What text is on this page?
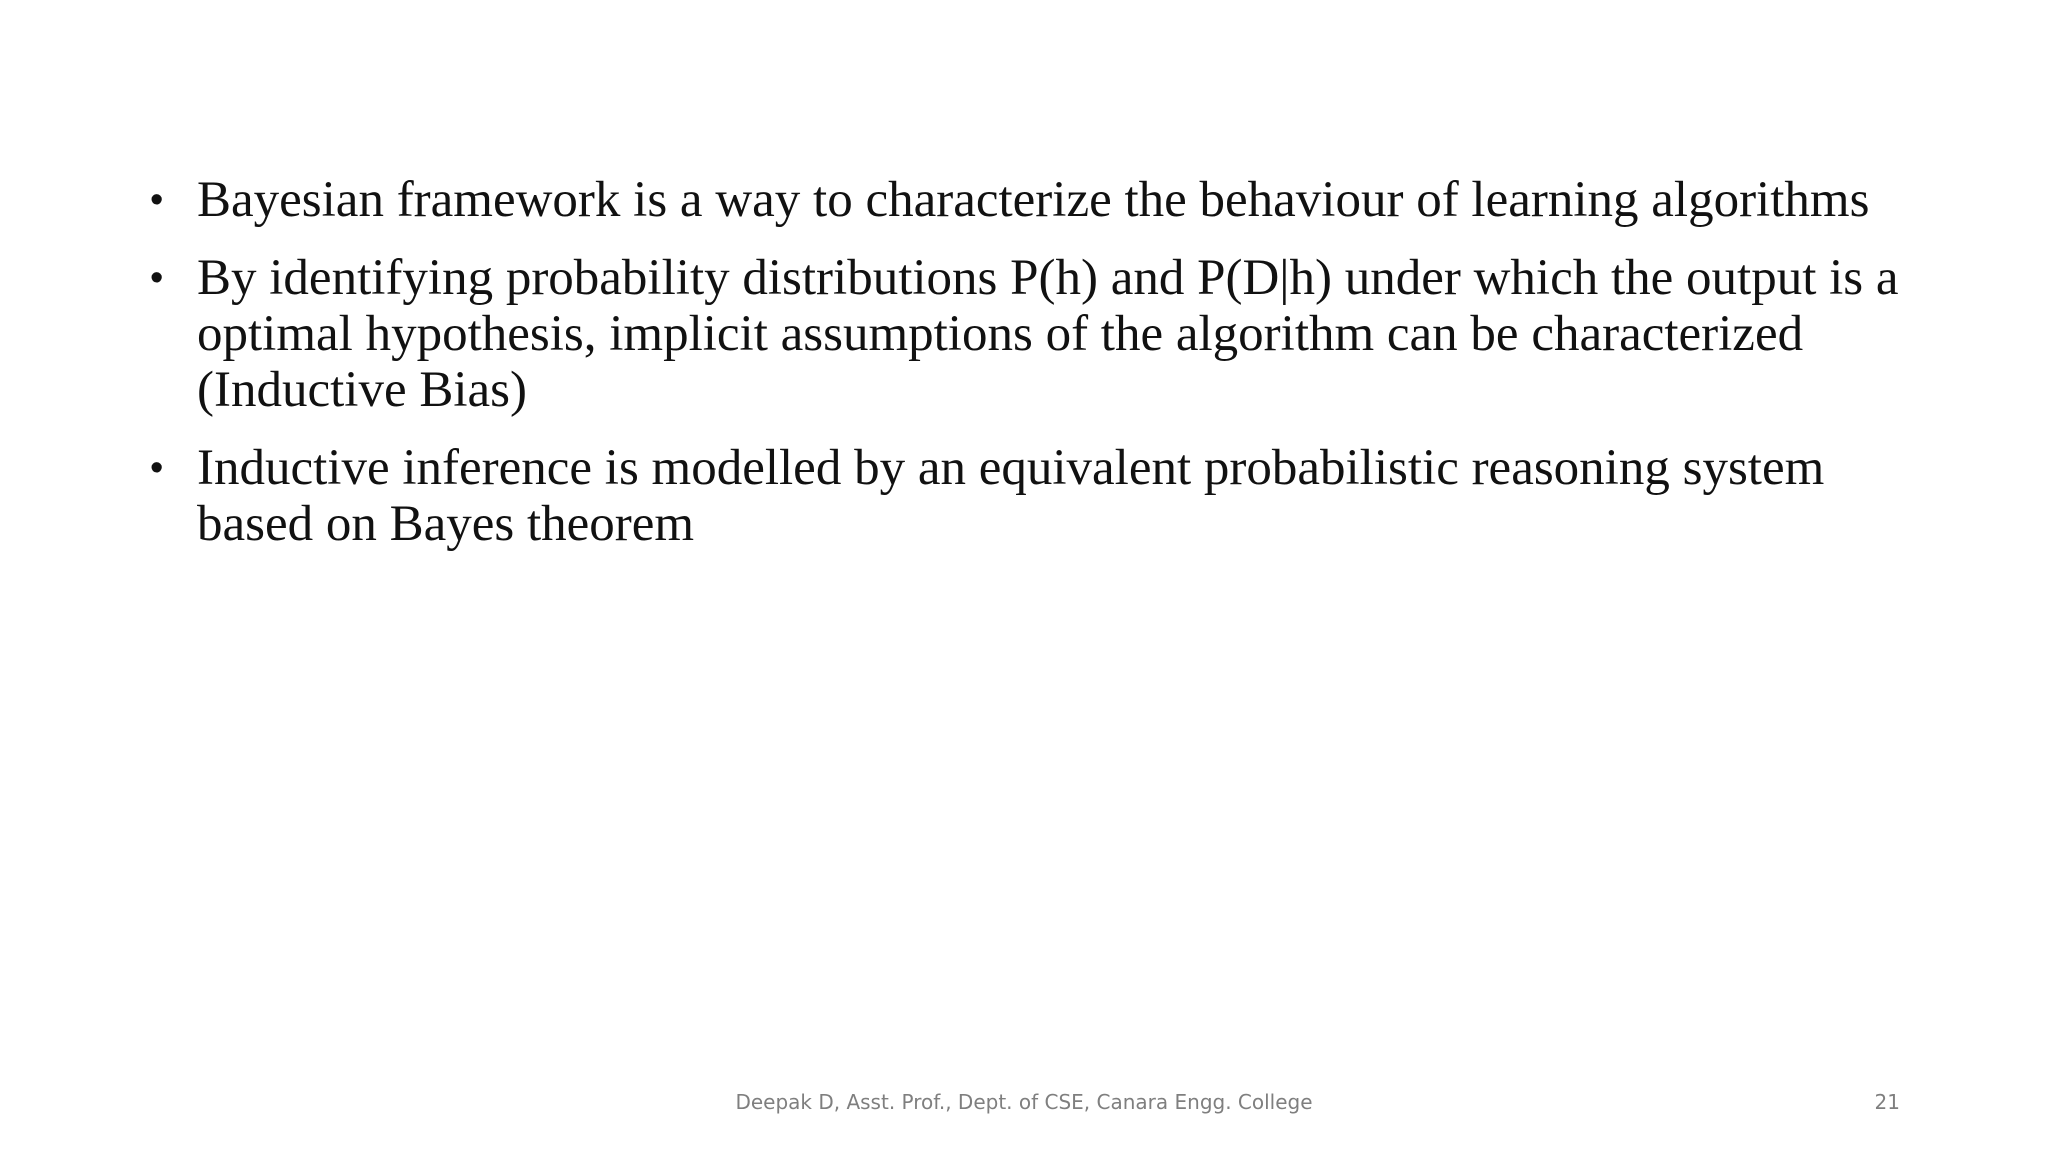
• Bayesian framework is a way to characterize the behaviour of learning algorithms
• By identifying probability distributions P(h) and P(D|h) under which the output is a optimal hypothesis, implicit assumptions of the algorithm can be characterized (Inductive Bias)
• Inductive inference is modelled by an equivalent probabilistic reasoning system based on Bayes theorem
Deepak D, Asst. Prof., Dept. of CSE, Canara Engg. College	21
